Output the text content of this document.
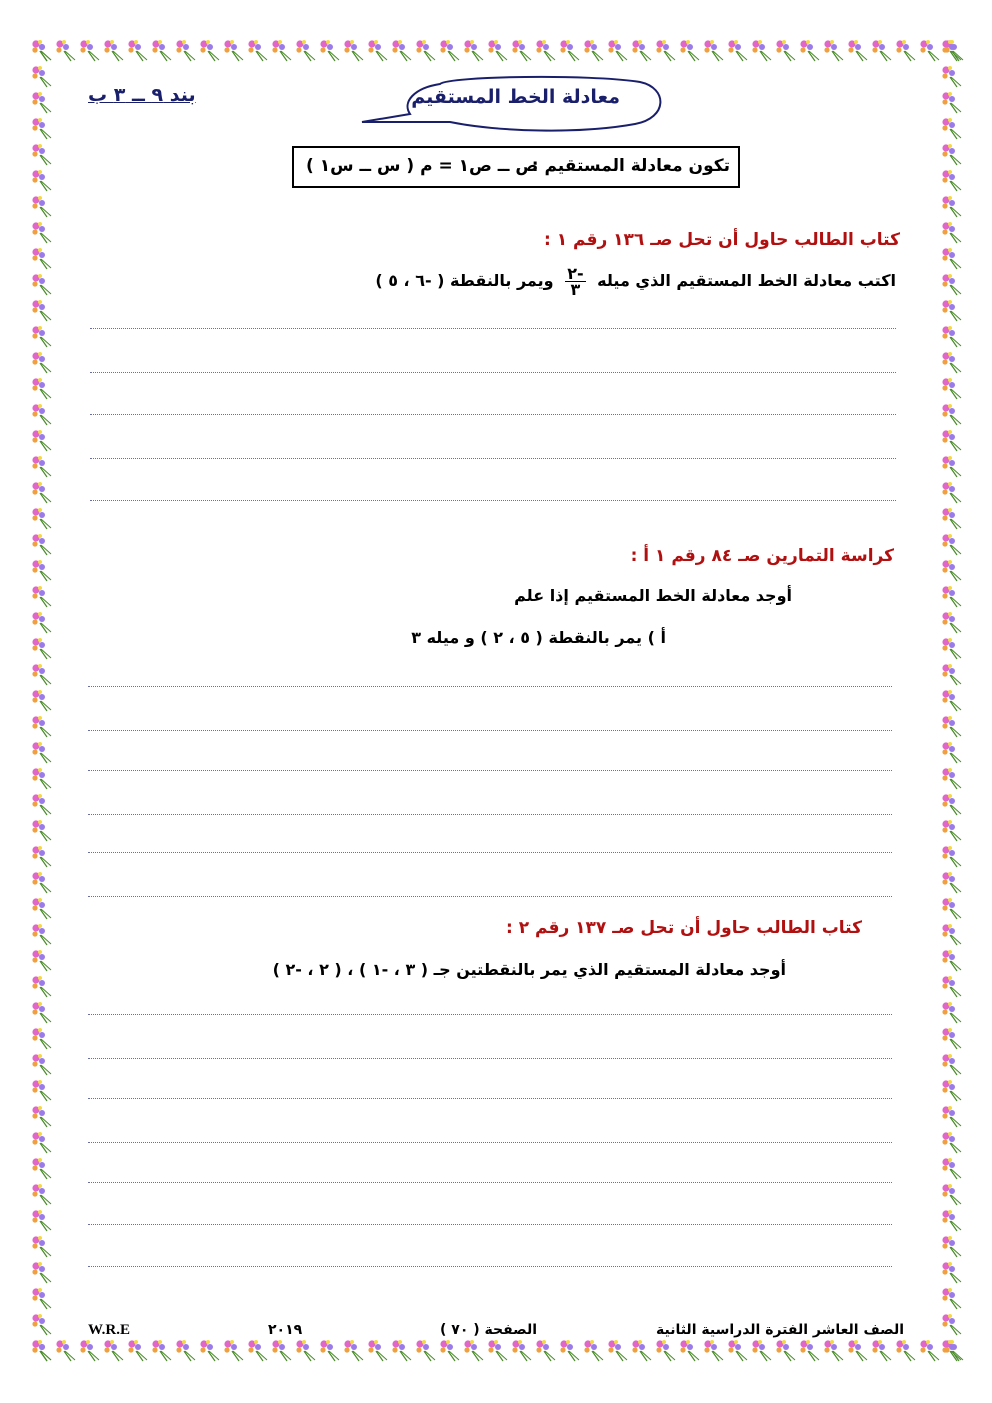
بند ٩ ــ ٣ ب	معادلة الخط المستقيم
تكون معادلة المستقيم :
ص ــ ص١ = م ( س ــ س١ )
كتاب الطالب حاول أن تحل صـ ١٣٦ رقم ١ :
اكتب معادلة الخط المستقيم الذي ميله
$\frac{-٢}{٣}$
ويمر بالنقطة ( -٦ ، ٥ )
كراسة التمارين صـ ٨٤ رقم ١ أ :
أوجد معادلة الخط المستقيم إذا علم
أ ) يمر بالنقطة ( ٥ ، ٢ ) و ميله ٣
كتاب الطالب حاول أن تحل صـ ١٣٧ رقم ٢ :
أوجد معادلة المستقيم الذي يمر بالنقطتين جـ ( ٣ ، -١ ) ، ( ٢ ، -٢ )
الصف العاشر الفترة الدراسية الثانية
الصفحة ( ٧٠ )
٢٠١٩
W.R.E
